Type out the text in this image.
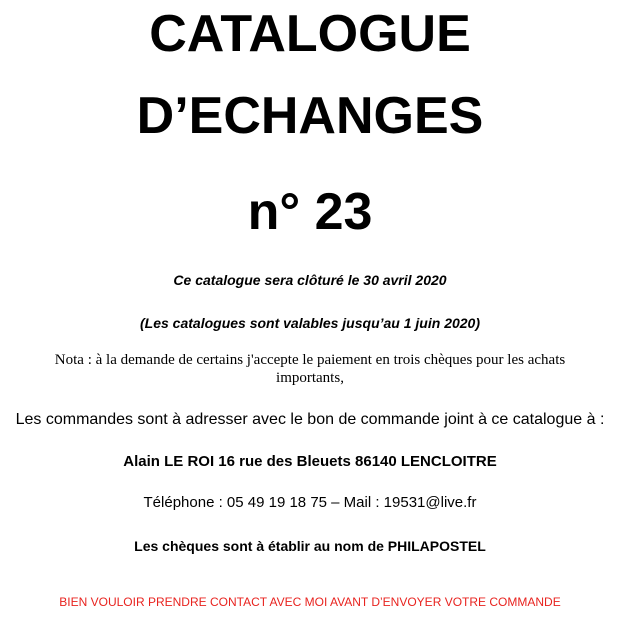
CATALOGUE
D’ECHANGES
n° 23

Ce catalogue sera clôturé le 30 avril 2020

(Les catalogues sont valables jusqu’au 1 juin 2020)

Nota : à la demande de certains j'accepte le paiement en trois chèques pour les achats importants,

Les commandes sont à adresser avec le bon de commande joint à ce catalogue à :

Alain LE ROI 16 rue des Bleuets 86140 LENCLOITRE

Téléphone : 05 49 19 18 75 – Mail : 19531@live.fr

Les chèques sont à établir au nom de PHILAPOSTEL

BIEN VOULOIR PRENDRE CONTACT AVEC MOI AVANT D’ENVOYER VOTRE COMMANDE
